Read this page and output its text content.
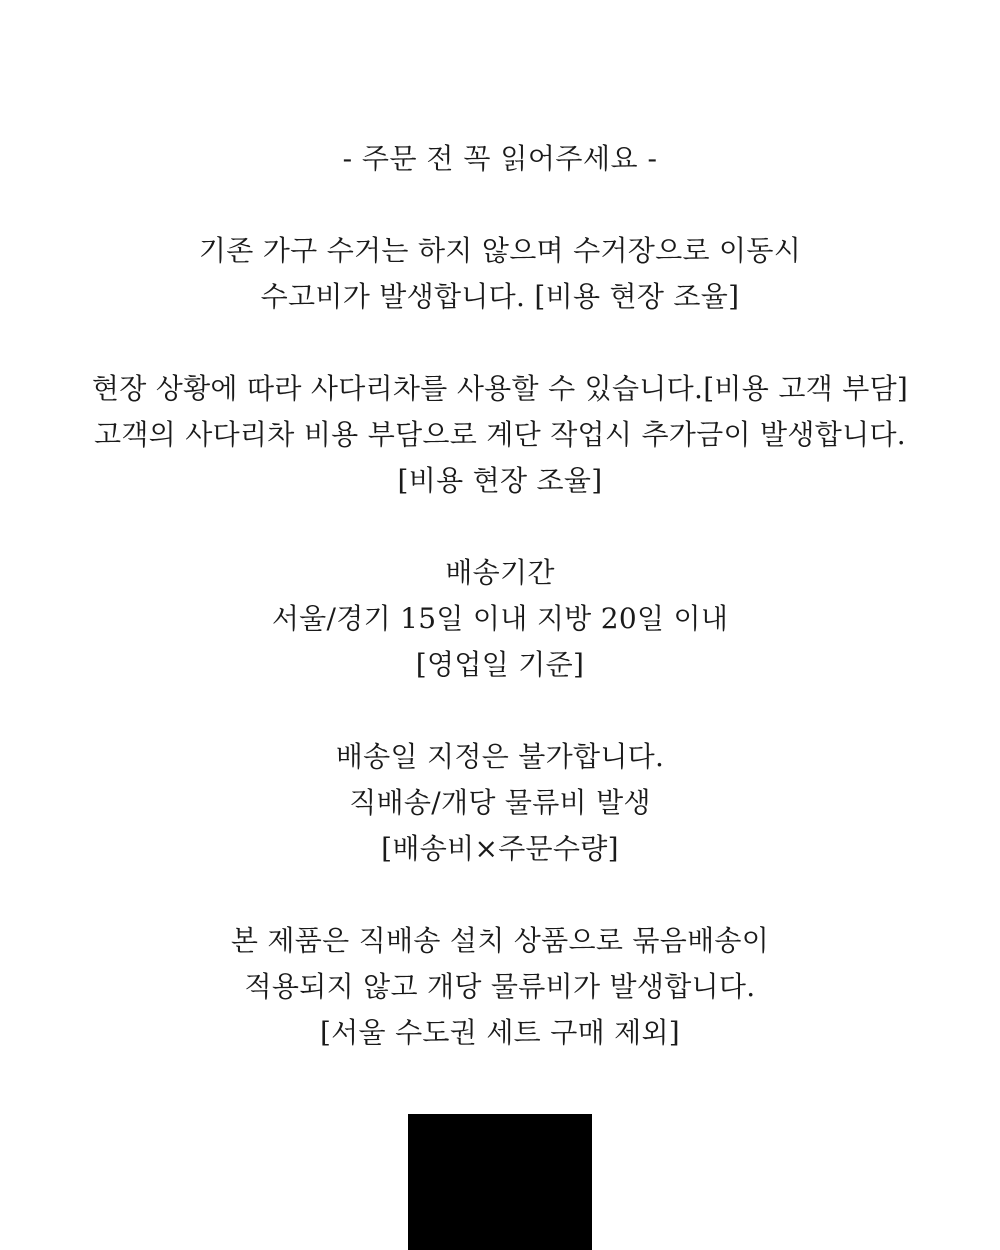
- 주문 전 꼭 읽어주세요 -
기존 가구 수거는 하지 않으며 수거장으로 이동시
수고비가 발생합니다. [비용 현장 조율]
현장 상황에 따라 사다리차를 사용할 수 있습니다.[비용 고객 부담]
고객의 사다리차 비용 부담으로 계단 작업시 추가금이 발생합니다.
[비용 현장 조율]
배송기간
서울/경기 15일 이내 지방 20일 이내
[영업일 기준]
배송일 지정은 불가합니다.
직배송/개당 물류비 발생
[배송비×주문수량]
본 제품은 직배송 설치 상품으로 묶음배송이
적용되지 않고 개당 물류비가 발생합니다.
[서울 수도권 세트 구매 제외]
